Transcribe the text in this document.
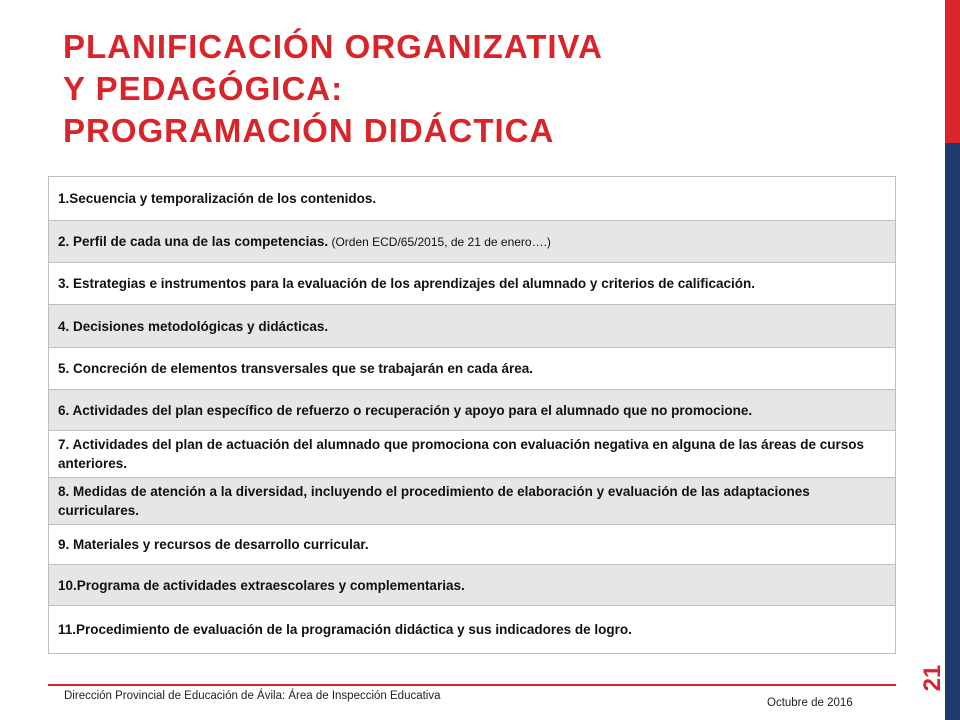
PLANIFICACIÓN ORGANIZATIVA
Y PEDAGÓGICA:
PROGRAMACIÓN DIDÁCTICA
1.Secuencia y temporalización de los contenidos.
2. Perfil de cada una de las competencias. (Orden ECD/65/2015, de 21 de enero….)
3. Estrategias e instrumentos para la evaluación de los aprendizajes del alumnado y criterios de calificación.
4. Decisiones metodológicas y didácticas.
5. Concreción de elementos transversales que se trabajarán en cada área.
6. Actividades del plan específico de refuerzo o recuperación y apoyo para el alumnado que no promocione.
7. Actividades del plan de actuación del alumnado que promociona con evaluación negativa en alguna de las áreas de cursos anteriores.
8. Medidas de atención a la diversidad, incluyendo el procedimiento de elaboración y evaluación de las adaptaciones curriculares.
9. Materiales y recursos de desarrollo curricular.
10.Programa de actividades extraescolares y complementarias.
11.Procedimiento de evaluación de la programación didáctica y sus indicadores de logro.
21
Dirección Provincial de Educación de Ávila: Área de Inspección Educativa
Octubre de 2016
